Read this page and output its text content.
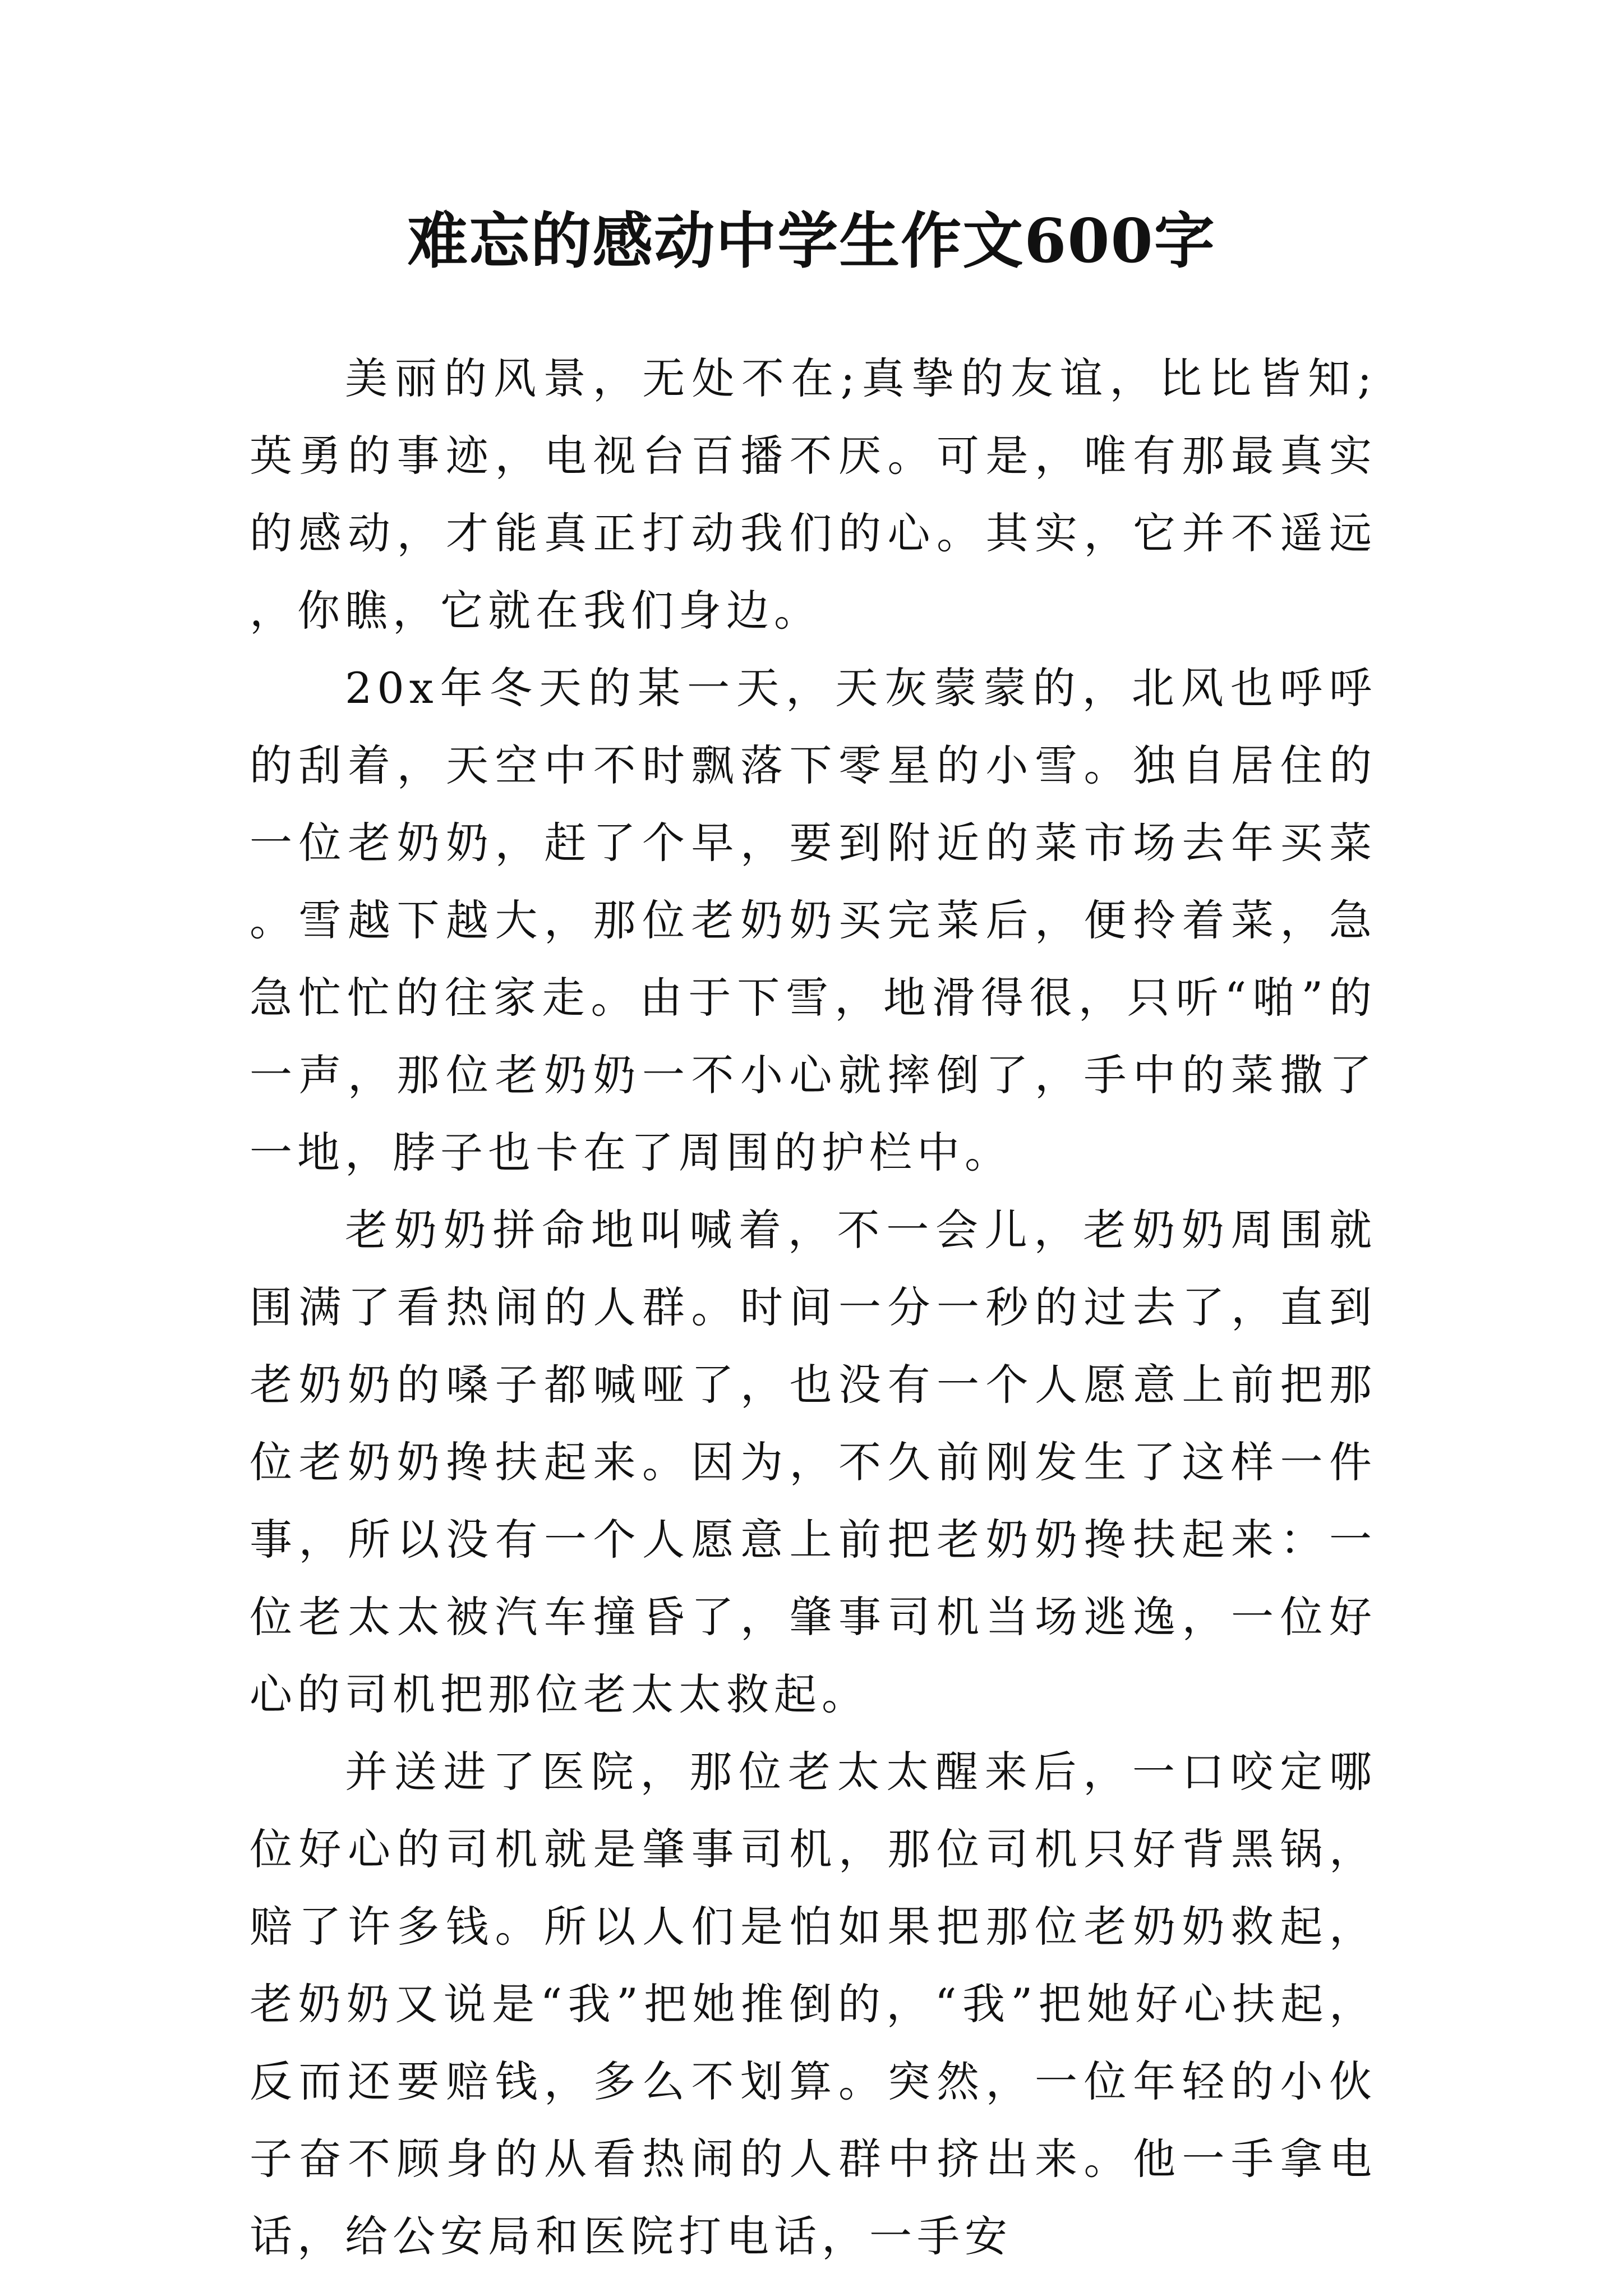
难忘的感动中学生作文600字

美丽的风景，无处不在;真挚的友谊，比比皆知;英勇的事迹，电视台百播不厌。可是，唯有那最真实的感动，才能真正打动我们的心。其实，它并不遥远，你瞧，它就在我们身边。

20x年冬天的某一天，天灰蒙蒙的，北风也呼呼的刮着，天空中不时飘落下零星的小雪。独自居住的一位老奶奶，赶了个早，要到附近的菜市场去年买菜。雪越下越大，那位老奶奶买完菜后，便拎着菜，急急忙忙的往家走。由于下雪，地滑得很，只听“啪”的一声，那位老奶奶一不小心就摔倒了，手中的菜撒了一地，脖子也卡在了周围的护栏中。

老奶奶拼命地叫喊着，不一会儿，老奶奶周围就围满了看热闹的人群。时间一分一秒的过去了，直到老奶奶的嗓子都喊哑了，也没有一个人愿意上前把那位老奶奶搀扶起来。因为，不久前刚发生了这样一件事，所以没有一个人愿意上前把老奶奶搀扶起来：一位老太太被汽车撞昏了，肇事司机当场逃逸，一位好心的司机把那位老太太救起。

并送进了医院，那位老太太醒来后，一口咬定哪位好心的司机就是肇事司机，那位司机只好背黑锅，赔了许多钱。所以人们是怕如果把那位老奶奶救起，老奶奶又说是“我”把她推倒的，“我”把她好心扶起，反而还要赔钱，多么不划算。突然，一位年轻的小伙子奋不顾身的从看热闹的人群中挤出来。他一手拿电话，给公安局和医院打电话，一手安
